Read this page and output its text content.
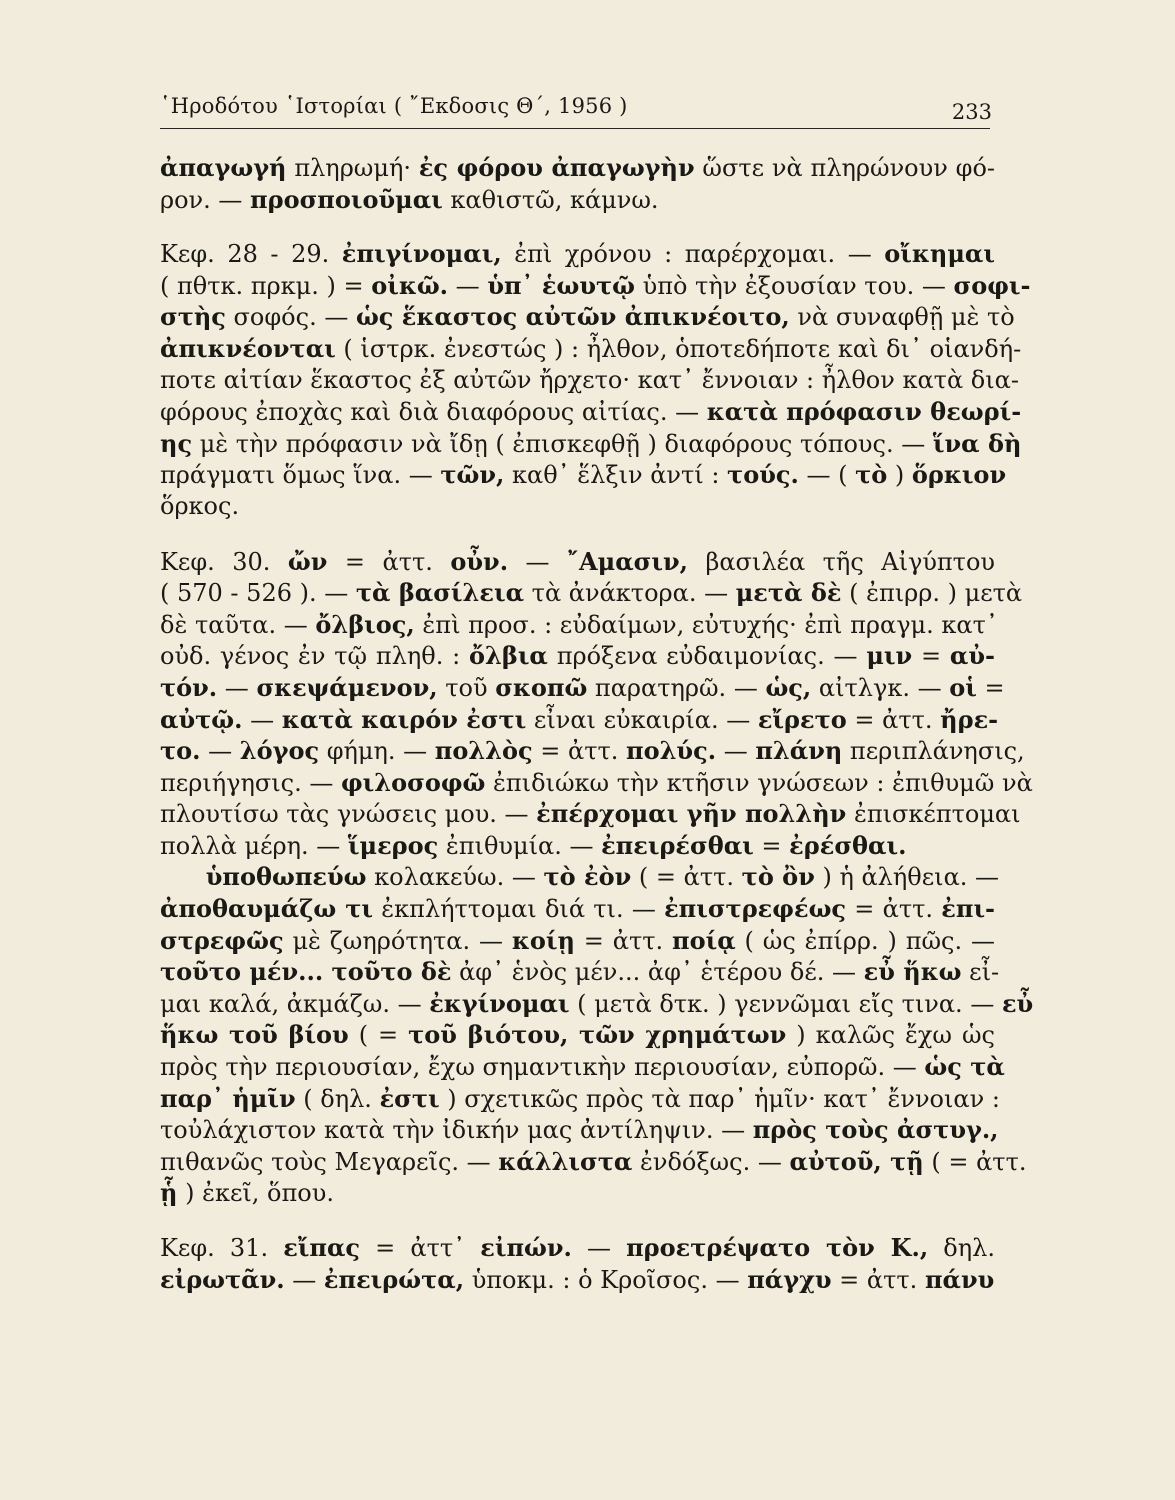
῾Ηροδότου ῾Ιστορίαι ( ῎Εκδοσις Θ΄, 1956 )	233
ἀπαγωγή πληρωμή· ἐς φόρου ἀπαγωγὴν ὥστε νὰ πληρώνουν φό-
ρον. — προσποιοῦμαι καθιστῶ, κάμνω.
Κεφ. 28 - 29. ἐπιγίνομαι, ἐπὶ χρόνου : παρέρχομαι. — οἴκημαι
( πθτκ. πρκμ. ) = οἰκῶ. — ὑπ᾽ ἑωυτῷ ὑπὸ τὴν ἐξουσίαν του. — σοφι-
στὴς σοφός. — ὡς ἕκαστος αὐτῶν ἀπικνέοιτο, νὰ συναφθῇ μὲ τὸ
ἀπικνέονται ( ἱστρκ. ἐνεστώς ) : ἦλθον, ὁποτεδήποτε καὶ δι᾽ οἱανδή-
ποτε αἰτίαν ἕκαστος ἐξ αὐτῶν ἤρχετο· κατ᾽ ἔννοιαν : ἦλθον κατὰ δια-
φόρους ἐποχὰς καὶ διὰ διαφόρους αἰτίας. — κατὰ πρόφασιν θεωρί-
ης μὲ τὴν πρόφασιν νὰ ἴδῃ ( ἐπισκεφθῇ ) διαφόρους τόπους. — ἵνα δὴ
πράγματι ὅμως ἵνα. — τῶν, καθ᾽ ἕλξιν ἀντί : τούς. — ( τὸ ) ὅρκιον
ὅρκος.
Κεφ. 30. ὤν = ἀττ. οὖν. — ῎Αμασιν, βασιλέα τῆς Αἰγύπτου
( 570 - 526 ). — τὰ βασίλεια τὰ ἀνάκτορα. — μετὰ δὲ ( ἐπιρρ. ) μετὰ
δὲ ταῦτα. — ὄλβιος, ἐπὶ προσ. : εὐδαίμων, εὐτυχής· ἐπὶ πραγμ. κατ᾽
οὐδ. γένος ἐν τῷ πληθ. : ὄλβια πρόξενα εὐδαιμονίας. — μιν = αὐ-
τόν. — σκεψάμενον, τοῦ σκοπῶ παρατηρῶ. — ὡς, αἰτλγκ. — οἱ =
αὐτῷ. — κατὰ καιρόν ἐστι εἶναι εὐκαιρία. — εἴρετο = ἀττ. ἤρε-
το. — λόγος φήμη. — πολλὸς = ἀττ. πολύς. — πλάνη περιπλάνησις,
περιήγησις. — φιλοσοφῶ ἐπιδιώκω τὴν κτῆσιν γνώσεων : ἐπιθυμῶ νὰ
πλουτίσω τὰς γνώσεις μου. — ἐπέρχομαι γῆν πολλὴν ἐπισκέπτομαι
πολλὰ μέρη. — ἵμερος ἐπιθυμία. — ἐπειρέσθαι = ἐρέσθαι.
ὑποθωπεύω κολακεύω. — τὸ ἐὸν ( = ἀττ. τὸ ὂν ) ἡ ἀλήθεια. —
ἀποθαυμάζω τι ἐκπλήττομαι διά τι. — ἐπιστρεφέως = ἀττ. ἐπι-
στρεφῶς μὲ ζωηρότητα. — κοίῃ = ἀττ. ποίᾳ ( ὡς ἐπίρρ. ) πῶς. —
τοῦτο μέν... τοῦτο δὲ ἀφ᾽ ἑνὸς μέν... ἀφ᾽ ἑτέρου δέ. — εὖ ἥκω εἶ-
μαι καλά, ἀκμάζω. — ἐκγίνομαι ( μετὰ δτκ. ) γεννῶμαι εἴς τινα. — εὖ
ἥκω τοῦ βίου ( = τοῦ βιότου, τῶν χρημάτων ) καλῶς ἔχω ὡς
πρὸς τὴν περιουσίαν, ἔχω σημαντικὴν περιουσίαν, εὐπορῶ. — ὡς τὰ
παρ᾽ ἡμῖν ( δηλ. ἐστι ) σχετικῶς πρὸς τὰ παρ᾽ ἡμῖν· κατ᾽ ἔννοιαν :
τοὐλάχιστον κατὰ τὴν ἰδικήν μας ἀντίληψιν. — πρὸς τοὺς ἀστυγ.,
πιθανῶς τοὺς Μεγαρεῖς. — κάλλιστα ἐνδόξως. — αὐτοῦ, τῇ ( = ἀττ.
ᾗ ) ἐκεῖ, ὅπου.
Κεφ. 31. εἴπας = ἀττ᾽ εἰπών. — προετρέψατο τὸν Κ., δηλ.
εἰρωτᾶν. — ἐπειρώτα, ὑποκμ. : ὁ Κροῖσος. — πάγχυ = ἀττ. πάνυ
